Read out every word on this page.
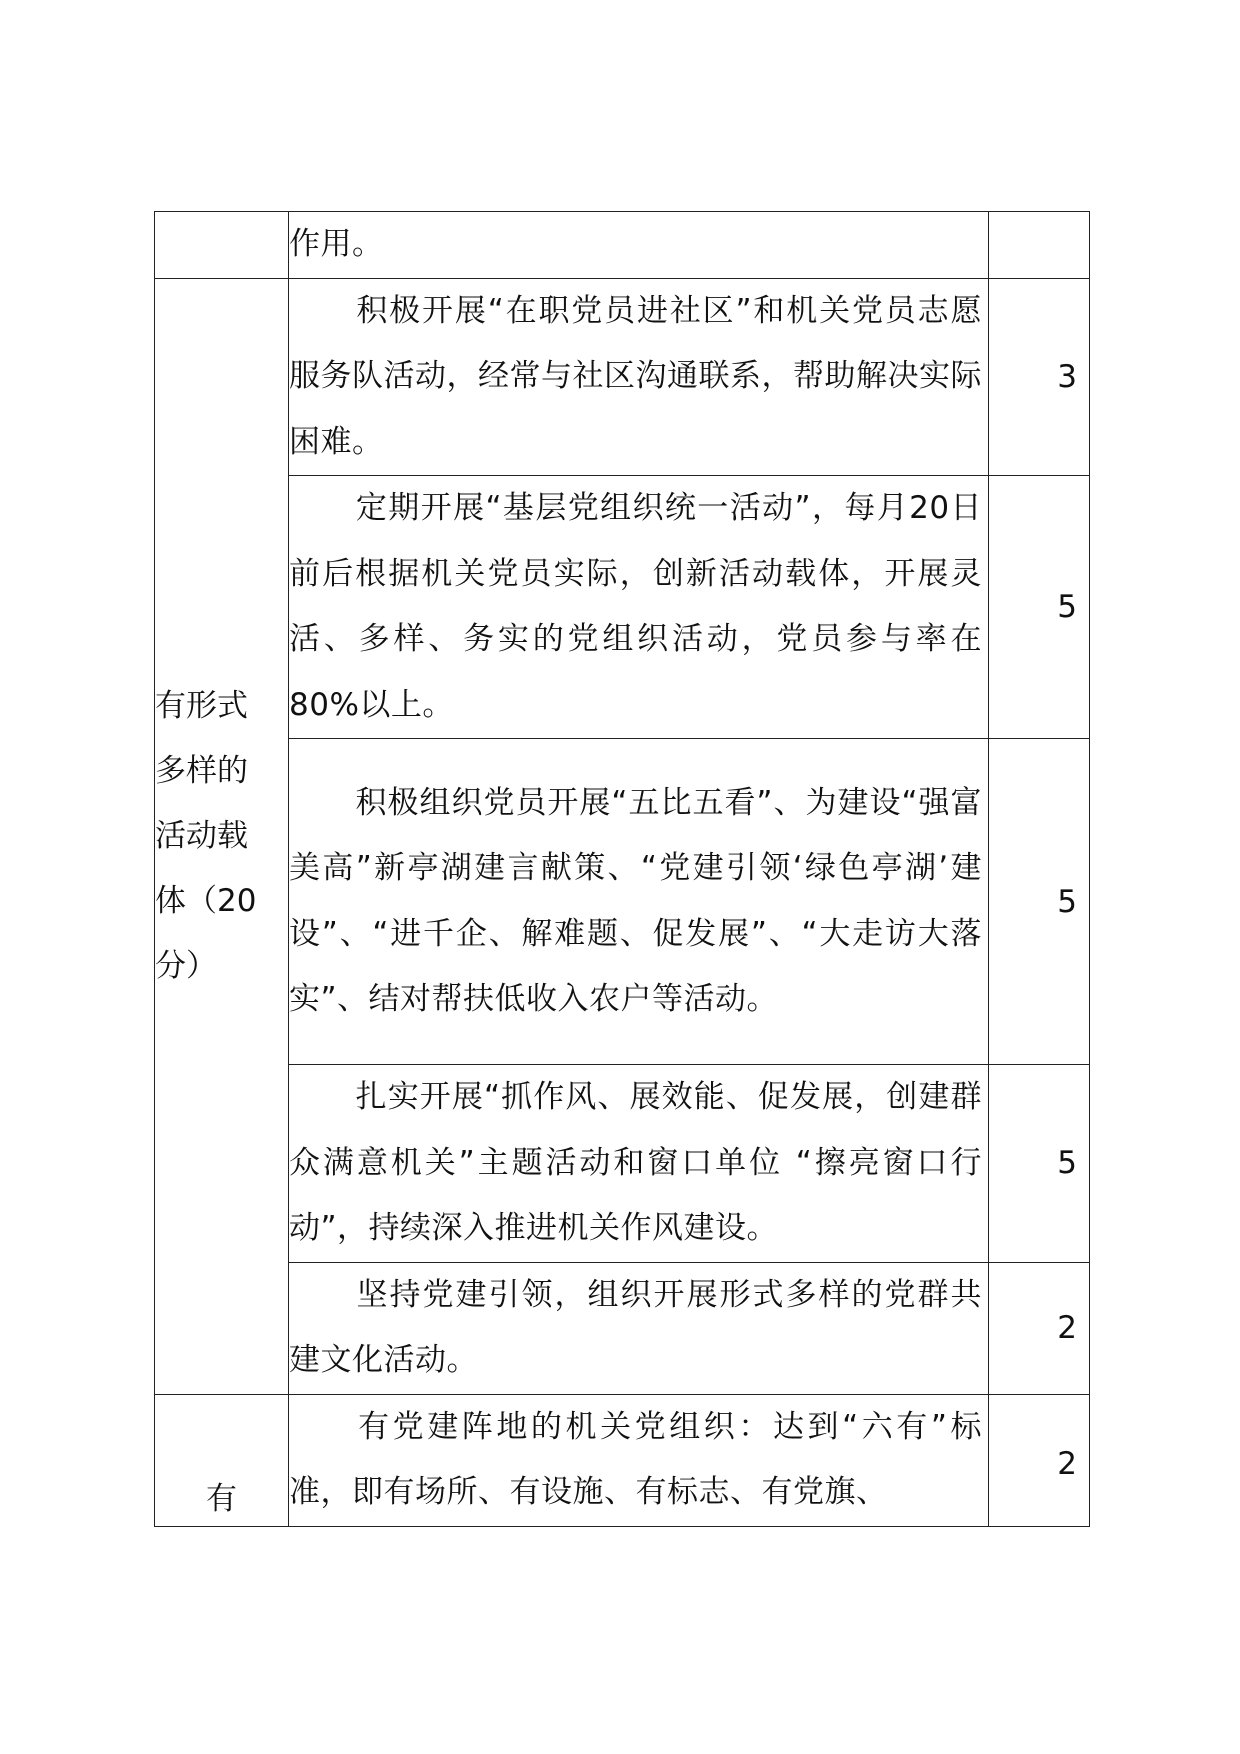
	作用。	

有形式多样的活动载体（20分）	积极开展“在职党员进社区”和机关党员志愿服务队活动，经常与社区沟通联系，帮助解决实际困难。	3

	定期开展“基层党组织统一活动”，每月20日前后根据机关党员实际，创新活动载体，开展灵活、多样、务实的党组织活动，党员参与率在80%以上。	5

	积极组织党员开展“五比五看”、为建设“强富美高”新亭湖建言献策、“党建引领‘绿色亭湖’建设”、“进千企、解难题、促发展”、“大走访大落实”、结对帮扶低收入农户等活动。	5

	扎实开展“抓作风、展效能、促发展，创建群众满意机关”主题活动和窗口单位 “擦亮窗口行动”，持续深入推进机关作风建设。	5

	坚持党建引领，组织开展形式多样的党群共建文化活动。	2
有	有党建阵地的机关党组织：达到“六有”标准，即有场所、有设施、有标志、有党旗、	2
